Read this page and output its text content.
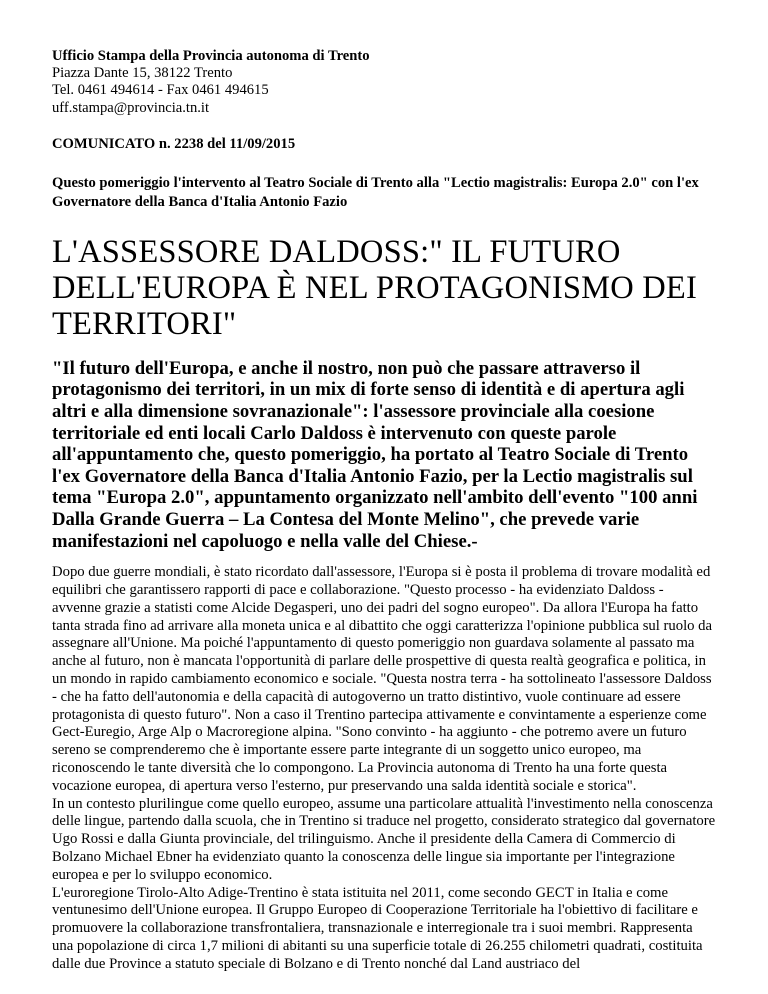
Ufficio Stampa della Provincia autonoma di Trento
Piazza Dante 15, 38122 Trento
Tel. 0461 494614 - Fax 0461 494615
uff.stampa@provincia.tn.it
COMUNICATO n. 2238 del 11/09/2015
Questo pomeriggio l'intervento al Teatro Sociale di Trento alla "Lectio magistralis: Europa 2.0" con l'ex Governatore della Banca d'Italia Antonio Fazio
L'ASSESSORE DALDOSS:" IL FUTURO DELL'EUROPA È NEL PROTAGONISMO DEI TERRITORI"
"Il futuro dell'Europa, e anche il nostro, non può che passare attraverso il protagonismo dei territori, in un mix di forte senso di identità e di apertura agli altri e alla dimensione sovranazionale": l'assessore provinciale alla coesione territoriale ed enti locali Carlo Daldoss è intervenuto con queste parole all'appuntamento che, questo pomeriggio, ha portato al Teatro Sociale di Trento l'ex Governatore della Banca d'Italia Antonio Fazio, per la Lectio magistralis sul tema "Europa 2.0", appuntamento organizzato nell'ambito dell'evento "100 anni Dalla Grande Guerra – La Contesa del Monte Melino", che prevede varie manifestazioni nel capoluogo e nella valle del Chiese.-

Dopo due guerre mondiali, è stato ricordato dall'assessore, l'Europa si è posta il problema di trovare modalità ed equilibri che garantissero rapporti di pace e collaborazione. "Questo processo - ha evidenziato Daldoss - avvenne grazie a statisti come Alcide Degasperi, uno dei padri del sogno europeo". Da allora l'Europa ha fatto tanta strada fino ad arrivare alla moneta unica e al dibattito che oggi caratterizza l'opinione pubblica sul ruolo da assegnare all'Unione. Ma poiché l'appuntamento di questo pomeriggio non guardava solamente al passato ma anche al futuro, non è mancata l'opportunità di parlare delle prospettive di questa realtà geografica e politica, in un mondo in rapido cambiamento economico e sociale. "Questa nostra terra - ha sottolineato l'assessore Daldoss - che ha fatto dell'autonomia e della capacità di autogoverno un tratto distintivo, vuole continuare ad essere protagonista di questo futuro". Non a caso il Trentino partecipa attivamente e convintamente a esperienze come Gect-Euregio, Arge Alp o Macroregione alpina. "Sono convinto - ha aggiunto - che potremo avere un futuro sereno se comprenderemo che è importante essere parte integrante di un soggetto unico europeo, ma riconoscendo le tante diversità che lo compongono. La Provincia autonoma di Trento ha una forte questa vocazione europea, di apertura verso l'esterno, pur preservando una salda identità sociale e storica".

In un contesto plurilingue come quello europeo, assume una particolare attualità l'investimento nella conoscenza delle lingue, partendo dalla scuola, che in Trentino si traduce nel progetto, considerato strategico dal governatore Ugo Rossi e dalla Giunta provinciale, del trilinguismo. Anche il presidente della Camera di Commercio di Bolzano Michael Ebner ha evidenziato quanto la conoscenza delle lingue sia importante per l'integrazione europea e per lo sviluppo economico.

L'euroregione Tirolo-Alto Adige-Trentino è stata istituita nel 2011, come secondo GECT in Italia e come ventunesimo dell'Unione europea. Il Gruppo Europeo di Cooperazione Territoriale ha l'obiettivo di facilitare e promuovere la collaborazione transfrontaliera, transnazionale e interregionale tra i suoi membri. Rappresenta una popolazione di circa 1,7 milioni di abitanti su una superficie totale di 26.255 chilometri quadrati, costituita dalle due Province a statuto speciale di Bolzano e di Trento nonché dal Land austriaco del
